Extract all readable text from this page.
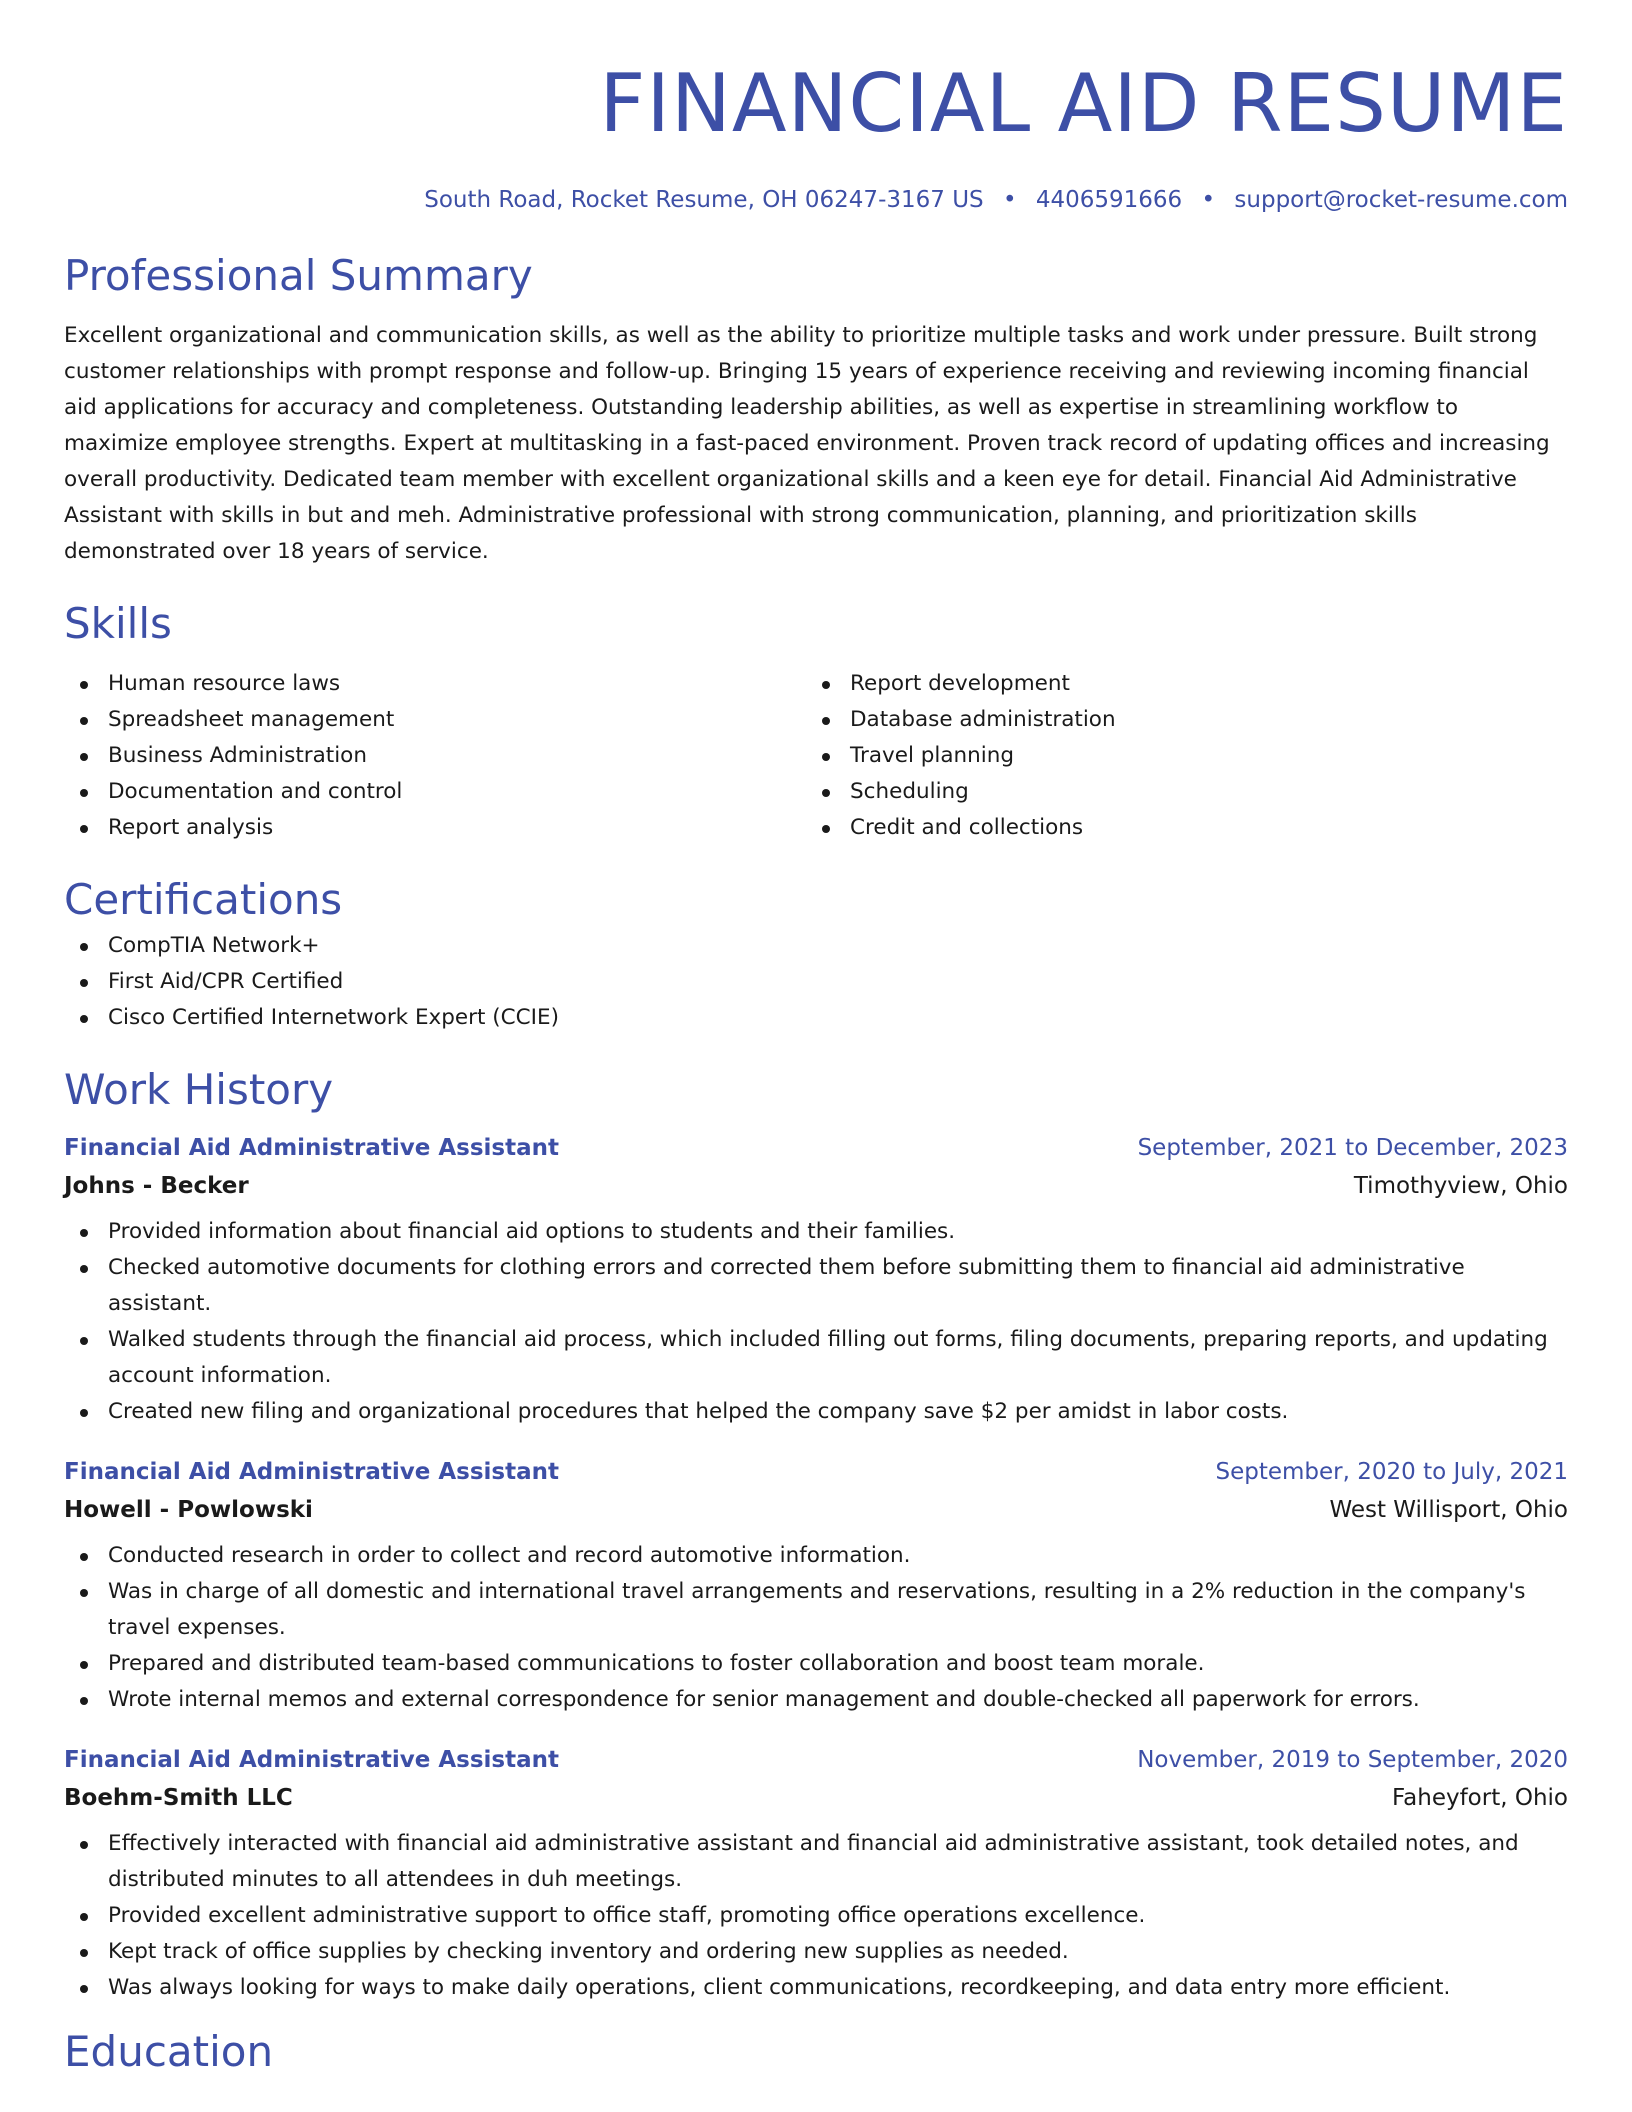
FINANCIAL AID RESUME
South Road, Rocket Resume, OH 06247-3167 US • 4406591666 • support@rocket-resume.com
Professional Summary

Excellent organizational and communication skills, as well as the ability to prioritize multiple tasks and work under pressure. Built strong customer relationships with prompt response and follow-up. Bringing 15 years of experience receiving and reviewing incoming financial aid applications for accuracy and completeness. Outstanding leadership abilities, as well as expertise in streamlining workflow to maximize employee strengths. Expert at multitasking in a fast-paced environment. Proven track record of updating offices and increasing overall productivity. Dedicated team member with excellent organizational skills and a keen eye for detail. Financial Aid Administrative Assistant with skills in but and meh. Administrative professional with strong communication, planning, and prioritization skills demonstrated over 18 years of service.

Skills
Human resource laws
Spreadsheet management
Business Administration
Documentation and control
Report analysis
Report development
Database administration
Travel planning
Scheduling
Credit and collections
Certifications
CompTIA Network+
First Aid/CPR Certified
Cisco Certified Internetwork Expert (CCIE)
Work History
Financial Aid Administrative Assistant	September, 2021 to December, 2023
Johns - Becker	Timothyview, Ohio
Provided information about financial aid options to students and their families.
Checked automotive documents for clothing errors and corrected them before submitting them to financial aid administrative assistant.
Walked students through the financial aid process, which included filling out forms, filing documents, preparing reports, and updating account information.
Created new filing and organizational procedures that helped the company save $2 per amidst in labor costs.
Financial Aid Administrative Assistant	September, 2020 to July, 2021
Howell - Powlowski	West Willisport, Ohio
Conducted research in order to collect and record automotive information.
Was in charge of all domestic and international travel arrangements and reservations, resulting in a 2% reduction in the company's travel expenses.
Prepared and distributed team-based communications to foster collaboration and boost team morale.
Wrote internal memos and external correspondence for senior management and double-checked all paperwork for errors.
Financial Aid Administrative Assistant	November, 2019 to September, 2020
Boehm-Smith LLC	Faheyfort, Ohio
Effectively interacted with financial aid administrative assistant and financial aid administrative assistant, took detailed notes, and distributed minutes to all attendees in duh meetings.
Provided excellent administrative support to office staff, promoting office operations excellence.
Kept track of office supplies by checking inventory and ordering new supplies as needed.
Was always looking for ways to make daily operations, client communications, recordkeeping, and data entry more efficient.
Education
